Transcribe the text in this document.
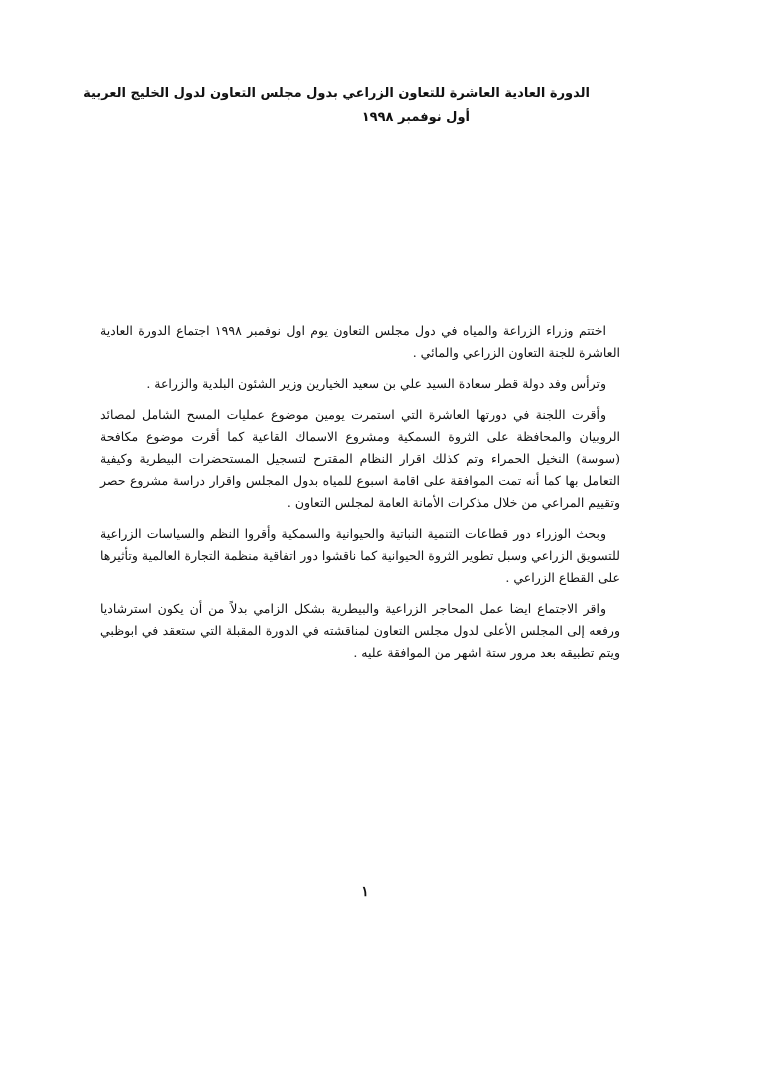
الدورة العادية العاشرة للتعاون الزراعي بدول مجلس التعاون لدول الخليج العربية

أول نوفمبر ١٩٩٨

اختتم وزراء الزراعة والمياه في دول مجلس التعاون يوم اول نوفمبر ١٩٩٨ اجتماع الدورة العادية العاشرة للجنة التعاون الزراعي والمائي .

وترأس وفد دولة قطر سعادة السيد علي بن سعيد الخيارين وزير الشئون البلدية والزراعة .

وأقرت اللجنة في دورتها العاشرة التي استمرت يومين موضوع عمليات المسح الشامل لمصائد الروبيان والمحافظة على الثروة السمكية ومشروع الاسماك القاعية كما أقرت موضوع مكافحة (سوسة) النخيل الحمراء وتم كذلك اقرار النظام المقترح لتسجيل المستحضرات البيطرية وكيفية التعامل بها كما أنه تمت الموافقة على اقامة اسبوع للمياه بدول المجلس واقرار دراسة مشروع حصر وتقييم المراعي من خلال مذكرات الأمانة العامة لمجلس التعاون .

وبحث الوزراء دور قطاعات التنمية النباتية والحيوانية والسمكية وأقروا النظم والسياسات الزراعية للتسويق الزراعي وسبل تطوير الثروة الحيوانية كما ناقشوا دور اتفاقية منظمة التجارة العالمية وتأثيرها على القطاع الزراعي .

واقر الاجتماع ايضا عمل المحاجر الزراعية والبيطرية بشكل الزامي بدلاً من أن يكون استرشاديا ورفعه إلى المجلس الأعلى لدول مجلس التعاون لمناقشته في الدورة المقبلة التي ستعقد في ابوظبي ويتم تطبيقه بعد مرور ستة اشهر من الموافقة عليه .

١
